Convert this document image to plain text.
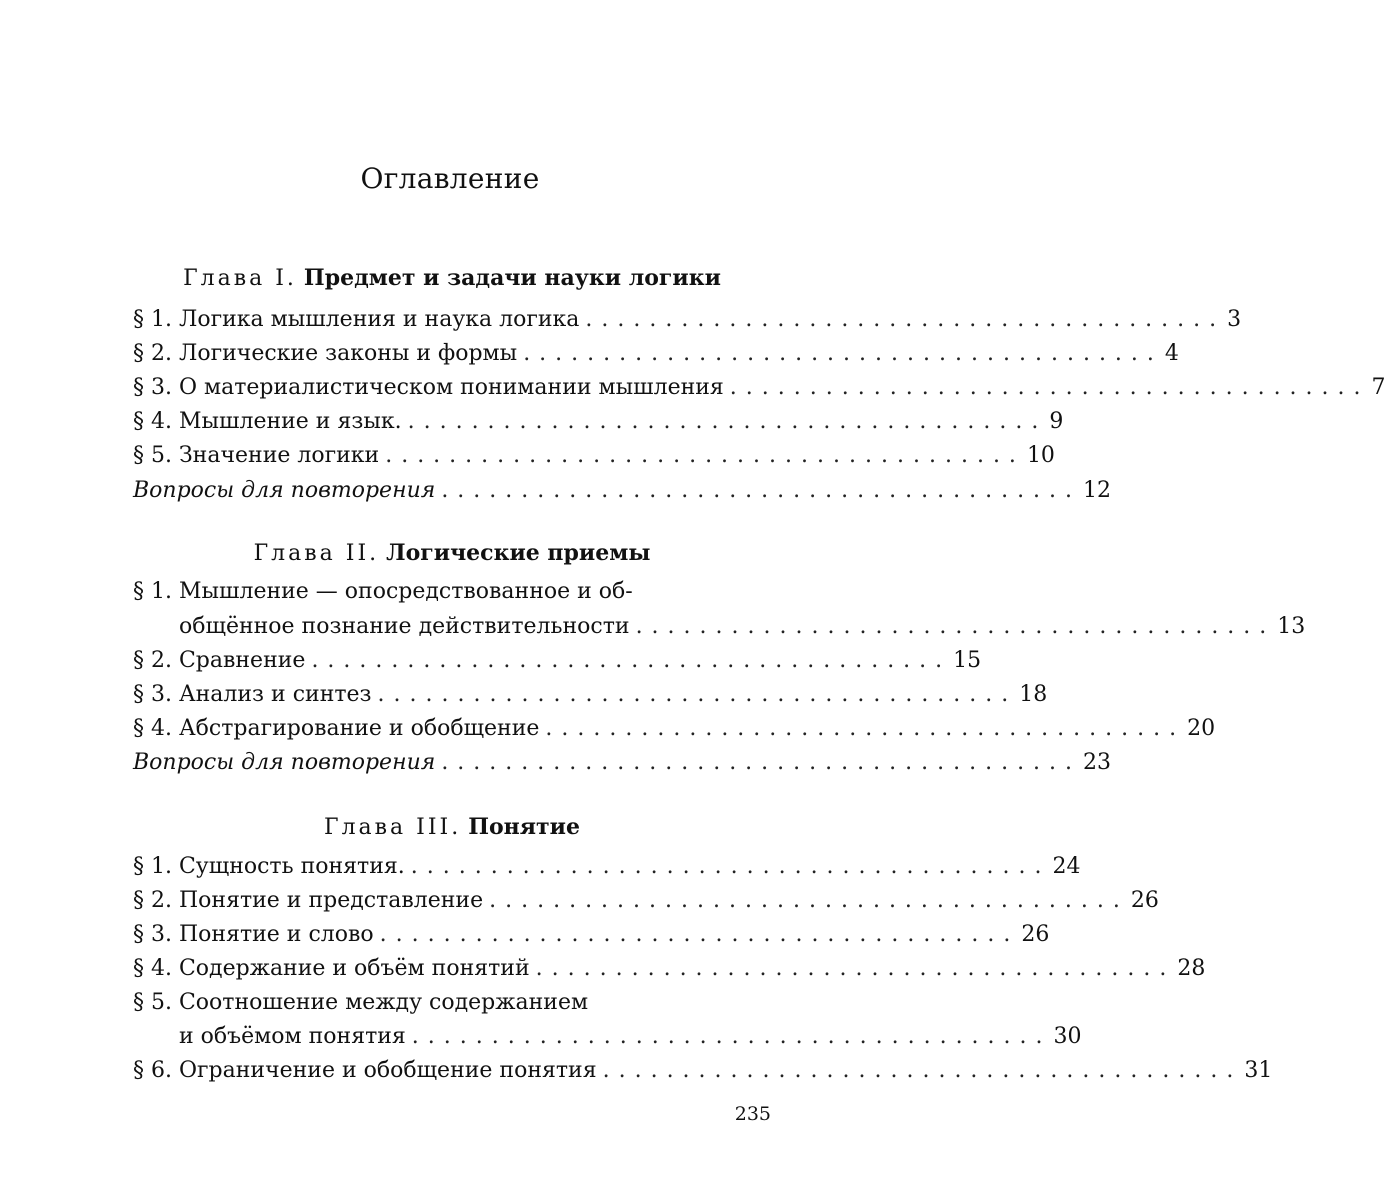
Оглавление
Глава I. Предмет и задачи науки логики
§ 1. Логика мышления и наука логика ........................................ 3
§ 2. Логические законы и формы ........................................ 4
§ 3. О материалистическом понимании мышления ........................................ 7
§ 4. Мышление и язык. ........................................ 9
§ 5. Значение логики ........................................ 10
Вопросы для повторения ........................................ 12
Глава II. Логические приемы
§ 1. Мышление — опосредствованное и об-
общённое познание действительности ........................................ 13
§ 2. Сравнение ........................................ 15
§ 3. Анализ и синтез ........................................ 18
§ 4. Абстрагирование и обобщение ........................................ 20
Вопросы для повторения ........................................ 23
Глава III. Понятие
§ 1. Сущность понятия. ........................................ 24
§ 2. Понятие и представление ........................................ 26
§ 3. Понятие и слово ........................................ 26
§ 4. Содержание и объём понятий ........................................ 28
§ 5. Соотношение между содержанием
и объёмом понятия ........................................ 30
§ 6. Ограничение и обобщение понятия ........................................ 31
235
